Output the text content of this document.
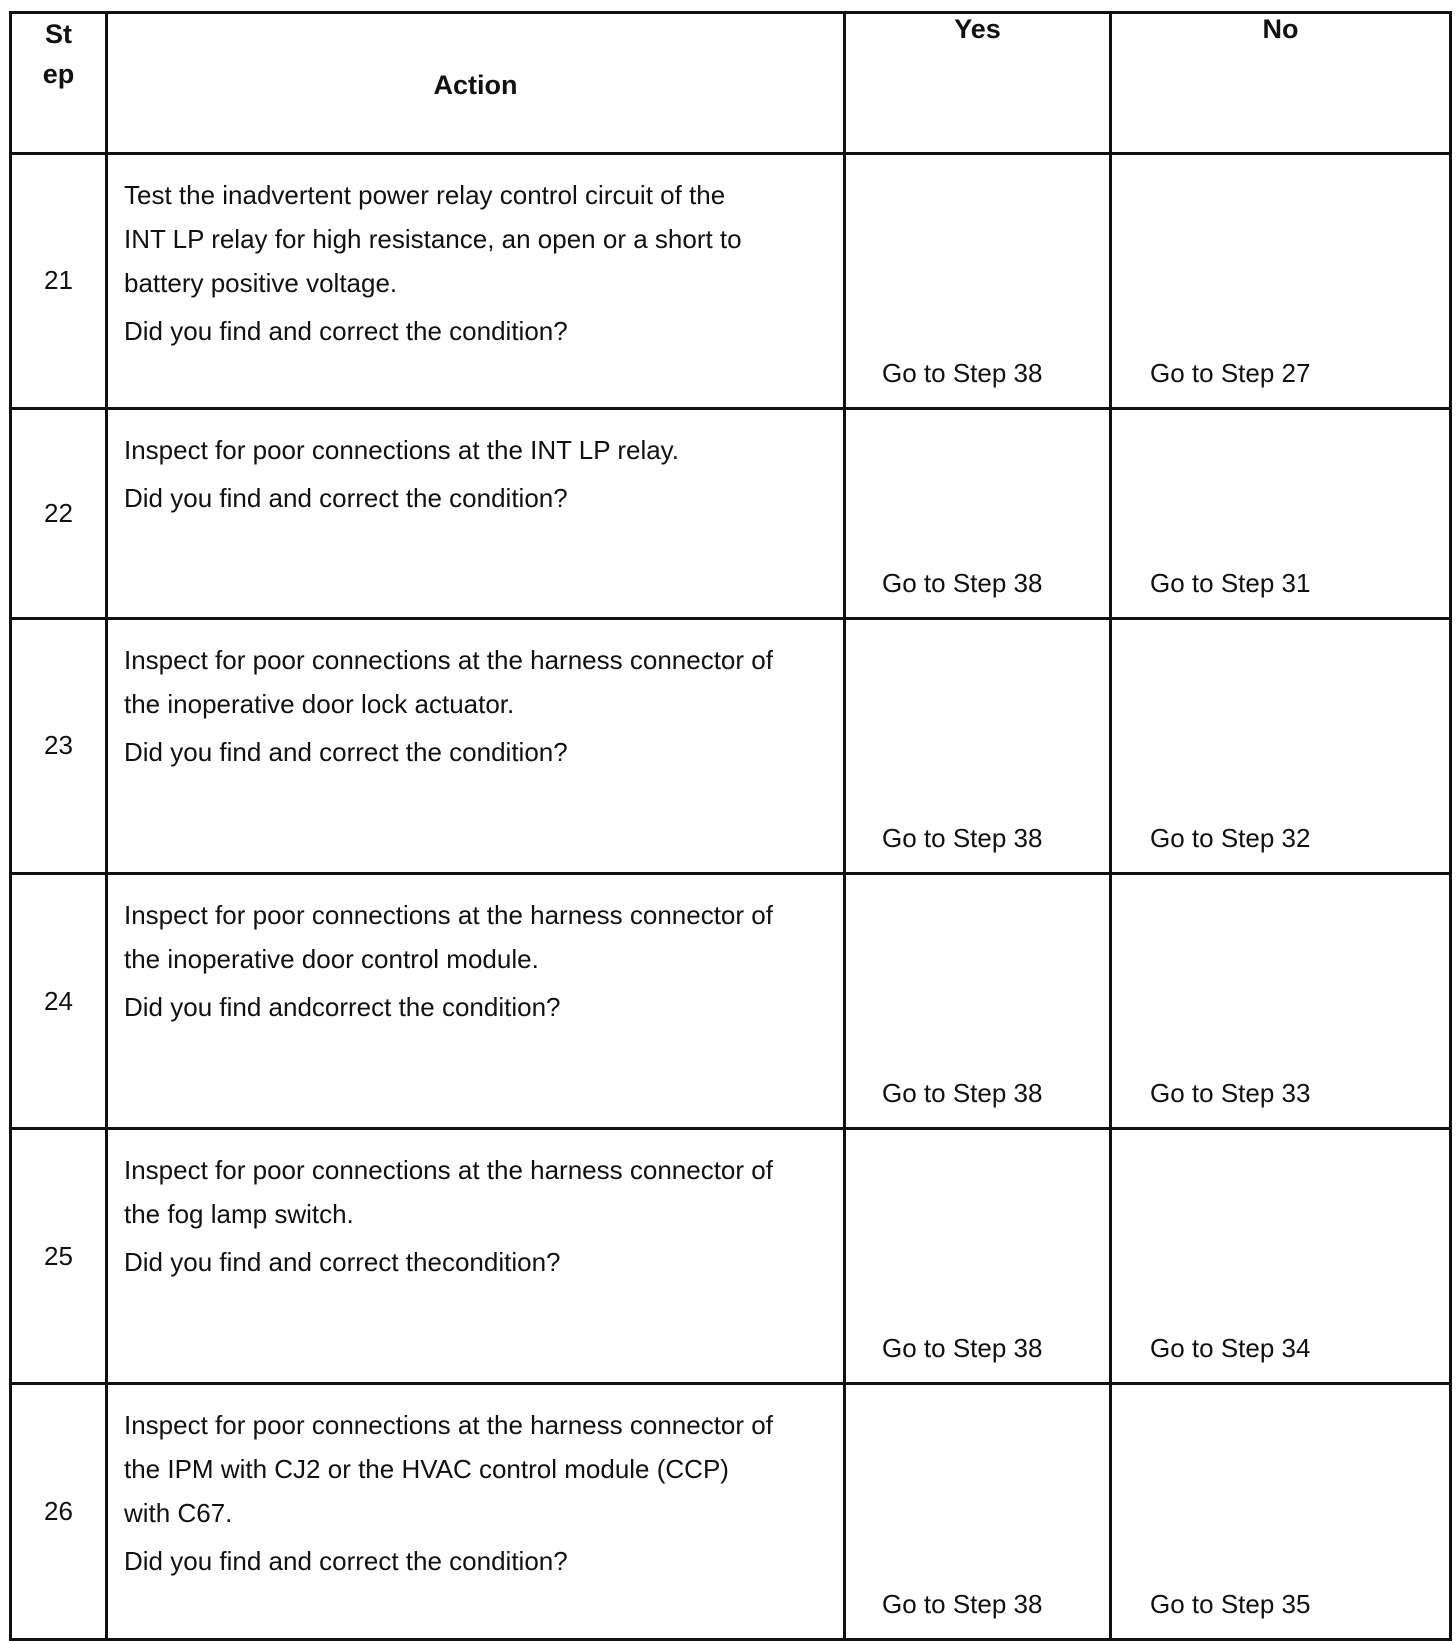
St
ep	Action	Yes	No
21	Test the inadvertent power relay control circuit of the
INT LP relay for high resistance, an open or a short to
battery positive voltage.
Did you find and correct the condition?	Go to Step 38	Go to Step 27
22	Inspect for poor connections at the INT LP relay.
Did you find and correct the condition?	Go to Step 38	Go to Step 31
23	Inspect for poor connections at the harness connector of
the inoperative door lock actuator.
Did you find and correct the condition?	Go to Step 38	Go to Step 32
24	Inspect for poor connections at the harness connector of
the inoperative door control module.
Did you find andcorrect the condition?	Go to Step 38	Go to Step 33
25	Inspect for poor connections at the harness connector of
the fog lamp switch.
Did you find and correct thecondition?	Go to Step 38	Go to Step 34
26	Inspect for poor connections at the harness connector of
the IPM with CJ2 or the HVAC control module (CCP)
with C67.
Did you find and correct the condition?	Go to Step 38	Go to Step 35
